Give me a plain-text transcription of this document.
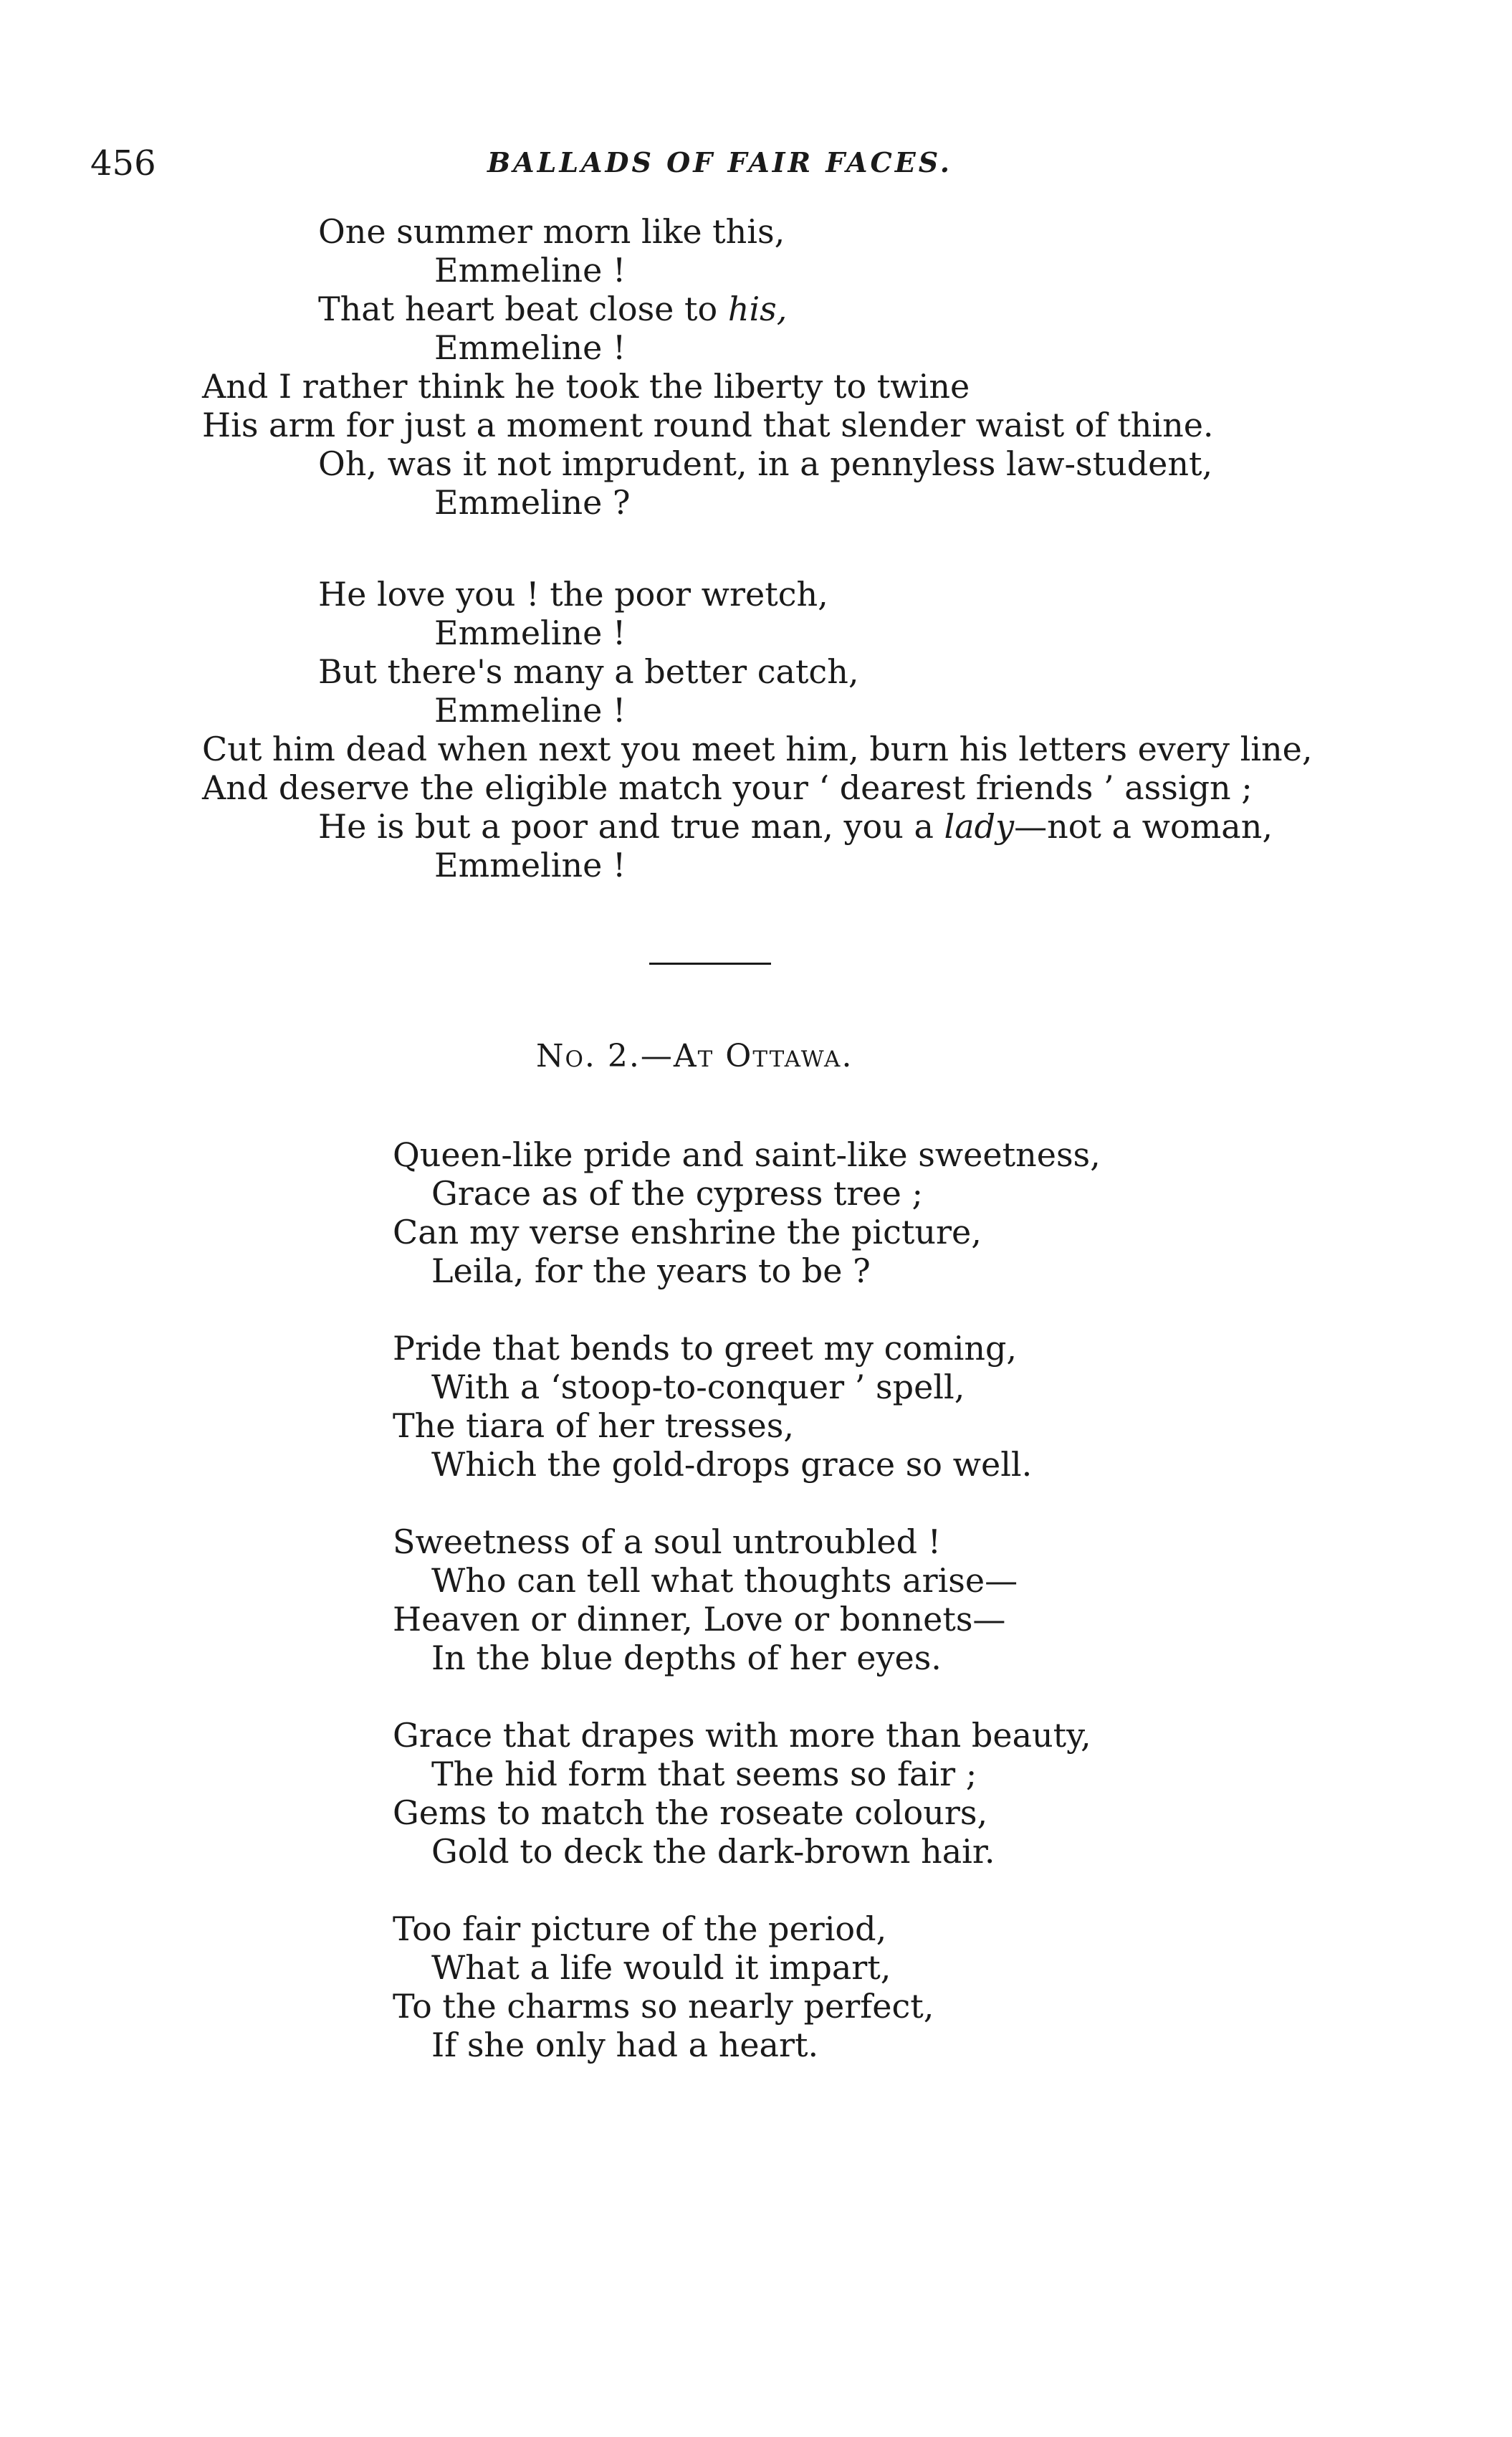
456	BALLADS OF FAIR FACES.
One summer morn like this,
Emmeline !
That heart beat close to his,
Emmeline !
And I rather think he took the liberty to twine
His arm for just a moment round that slender waist of thine.
Oh, was it not imprudent, in a pennyless law-student,
Emmeline ?
He love you ! the poor wretch,
Emmeline !
But there's many a better catch,
Emmeline !
Cut him dead when next you meet him, burn his letters every line,
And deserve the eligible match your ‘ dearest friends ’ assign ;
He is but a poor and true man, you a lady—not a woman,
Emmeline !
No. 2.—At Ottawa.
Queen-like pride and saint-like sweetness,
Grace as of the cypress tree ;
Can my verse enshrine the picture,
Leila, for the years to be ?
Pride that bends to greet my coming,
With a ‘stoop-to-conquer ’ spell,
The tiara of her tresses,
Which the gold-drops grace so well.
Sweetness of a soul untroubled !
Who can tell what thoughts arise—
Heaven or dinner, Love or bonnets—
In the blue depths of her eyes.
Grace that drapes with more than beauty,
The hid form that seems so fair ;
Gems to match the roseate colours,
Gold to deck the dark-brown hair.
Too fair picture of the period,
What a life would it impart,
To the charms so nearly perfect,
If she only had a heart.
